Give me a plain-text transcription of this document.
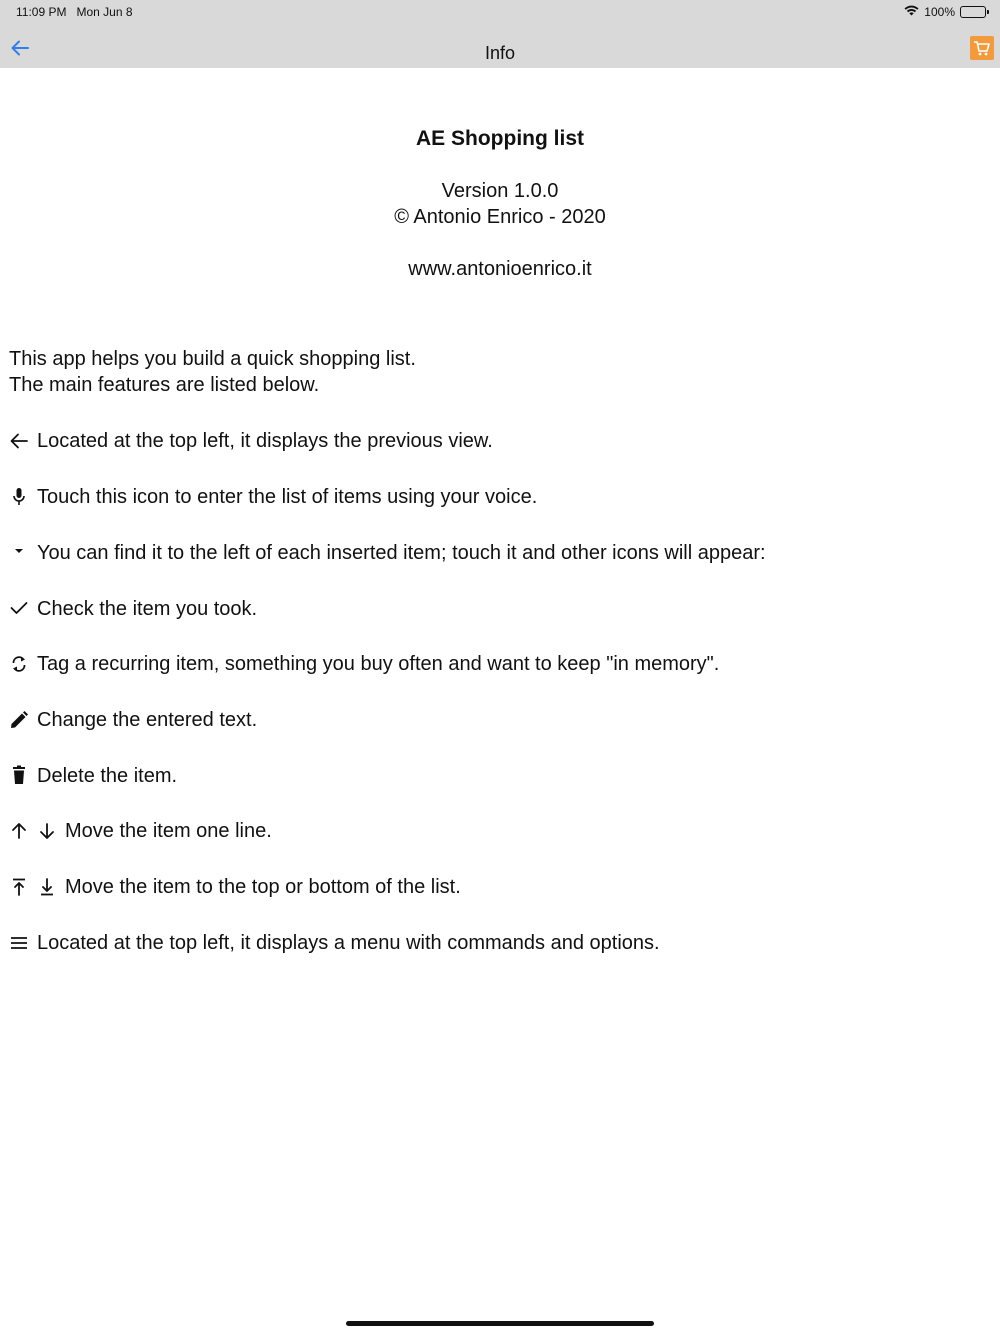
11:09 PM Mon Jun 8	100%
Info
AE Shopping list
Version 1.0.0
© Antonio Enrico - 2020
www.antonioenrico.it
This app helps you build a quick shopping list.
The main features are listed below.
Located at the top left, it displays the previous view.
Touch this icon to enter the list of items using your voice.
You can find it to the left of each inserted item; touch it and other icons will appear:
Check the item you took.
Tag a recurring item, something you buy often and want to keep "in memory".
Change the entered text.
Delete the item.
Move the item one line.
Move the item to the top or bottom of the list.
Located at the top left, it displays a menu with commands and options.
